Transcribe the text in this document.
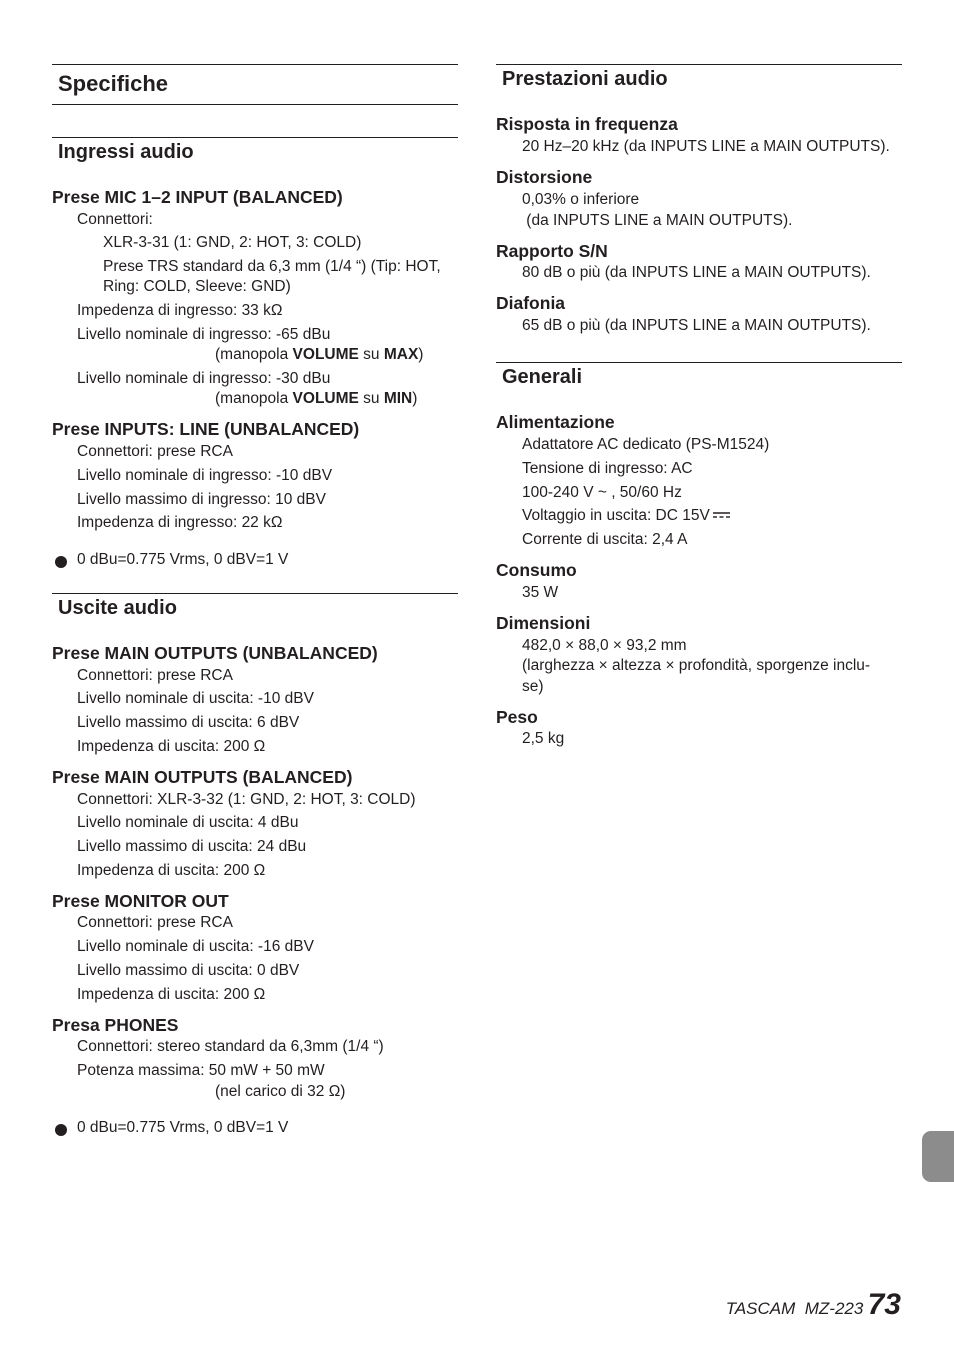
Specifiche
Ingressi audio
Prese MIC 1–2 INPUT (BALANCED)
Connettori:
XLR-3-31 (1: GND, 2: HOT, 3: COLD)
Prese TRS standard da 6,3 mm (1/4 “) (Tip: HOT,
Ring: COLD, Sleeve: GND)
Impedenza di ingresso: 33 kΩ
Livello nominale di ingresso: -65 dBu
(manopola VOLUME su MAX)
Livello nominale di ingresso: -30 dBu
(manopola VOLUME su MIN)
Prese INPUTS: LINE (UNBALANCED)
Connettori: prese RCA
Livello nominale di ingresso: -10 dBV
Livello massimo di ingresso: 10 dBV
Impedenza di ingresso: 22 kΩ
0 dBu=0.775 Vrms, 0 dBV=1 V
Uscite audio
Prese MAIN OUTPUTS (UNBALANCED)
Connettori: prese RCA
Livello nominale di uscita: -10 dBV
Livello massimo di uscita: 6 dBV
Impedenza di uscita: 200 Ω
Prese MAIN OUTPUTS (BALANCED)
Connettori: XLR-3-32 (1: GND, 2: HOT, 3: COLD)
Livello nominale di uscita: 4 dBu
Livello massimo di uscita: 24 dBu
Impedenza di uscita: 200 Ω
Prese MONITOR OUT
Connettori: prese RCA
Livello nominale di uscita: -16 dBV
Livello massimo di uscita: 0 dBV
Impedenza di uscita: 200 Ω
Presa PHONES
Connettori: stereo standard da 6,3mm (1/4 “)
Potenza massima: 50 mW + 50 mW
(nel carico di 32 Ω)
0 dBu=0.775 Vrms, 0 dBV=1 V
Prestazioni audio
Risposta in frequenza
20 Hz–20 kHz (da INPUTS LINE a MAIN OUTPUTS).
Distorsione
0,03% o inferiore
(da INPUTS LINE a MAIN OUTPUTS).
Rapporto S/N
80 dB o più (da INPUTS LINE a MAIN OUTPUTS).
Diafonia
65 dB o più (da INPUTS LINE a MAIN OUTPUTS).
Generali
Alimentazione
Adattatore AC dedicato (PS-M1524)
Tensione di ingresso: AC
100-240 V ~ , 50/60 Hz
Voltaggio in uscita: DC 15V
Corrente di uscita: 2,4 A
Consumo
35 W
Dimensioni
482,0 × 88,0 × 93,2 mm
(larghezza × altezza × profondità, sporgenze inclu-
se)
Peso
2,5 kg
TASCAM  MZ-223 73
